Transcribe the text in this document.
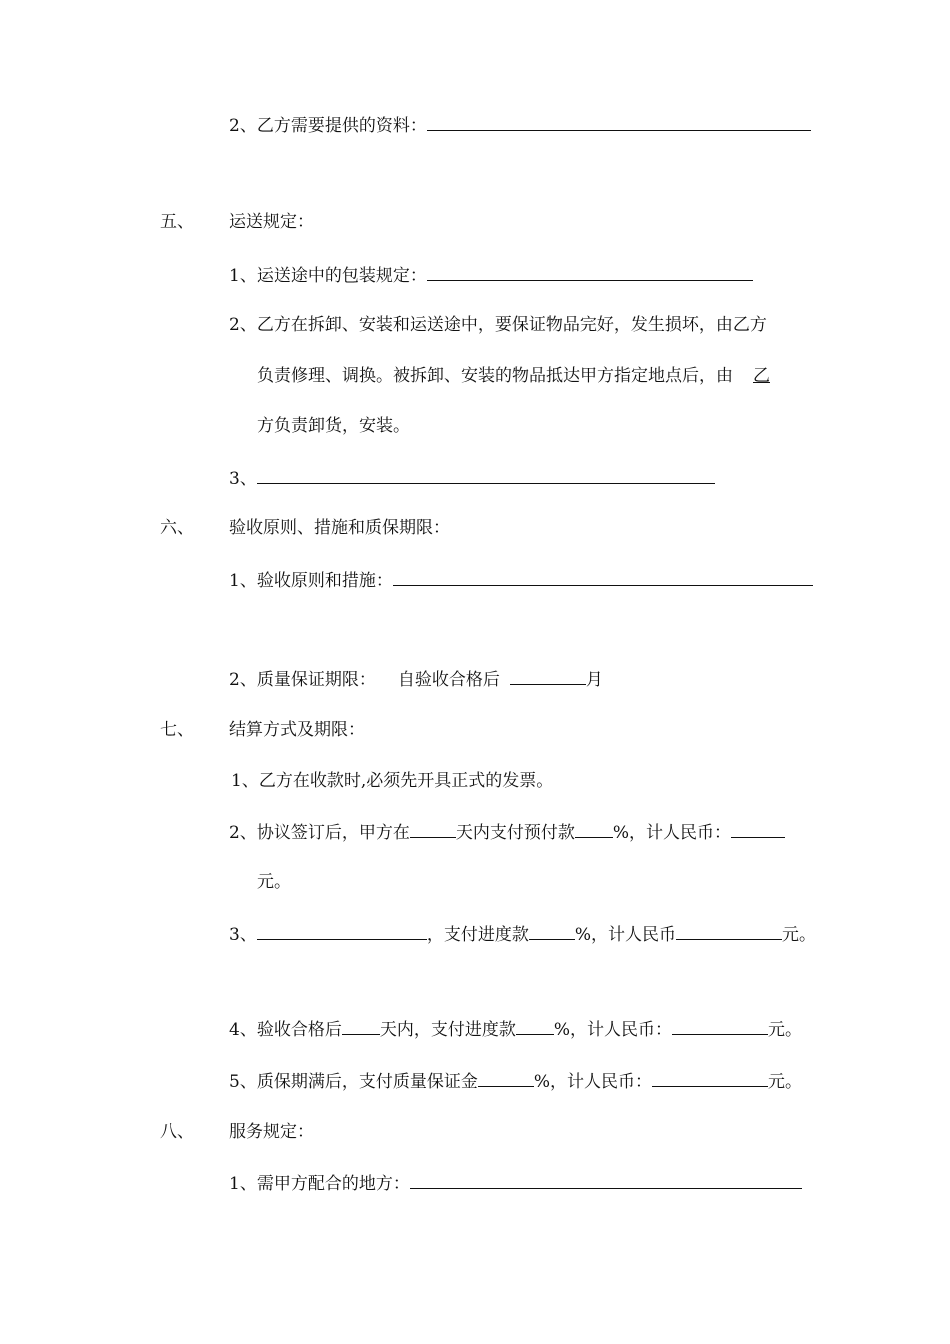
2、乙方需要提供的资料：
五、 运送规定：
1、运送途中的包装规定：
2、乙方在拆卸、安装和运送途中，要保证物品完好，发生损坏，由乙方
负责修理、调换。被拆卸、安装的物品抵达甲方指定地点后，由 乙
方负责卸货，安装。
3、
六、 验收原则、措施和质保期限：
1、验收原则和措施：
2、质量保证期限： 自验收合格后	月
七、 结算方式及期限：
1、乙方在收款时,必须先开具正式的发票。
2、协议签订后，甲方在	天内支付预付款 %，计人民币：
元。
3、	，支付进度款	%，计人民币	元。
4、验收合格后 天内，支付进度款 %，计人民币：	元。
5、质保期满后，支付质量保证金	%，计人民币：	元。
八、 服务规定：
1、需甲方配合的地方：
